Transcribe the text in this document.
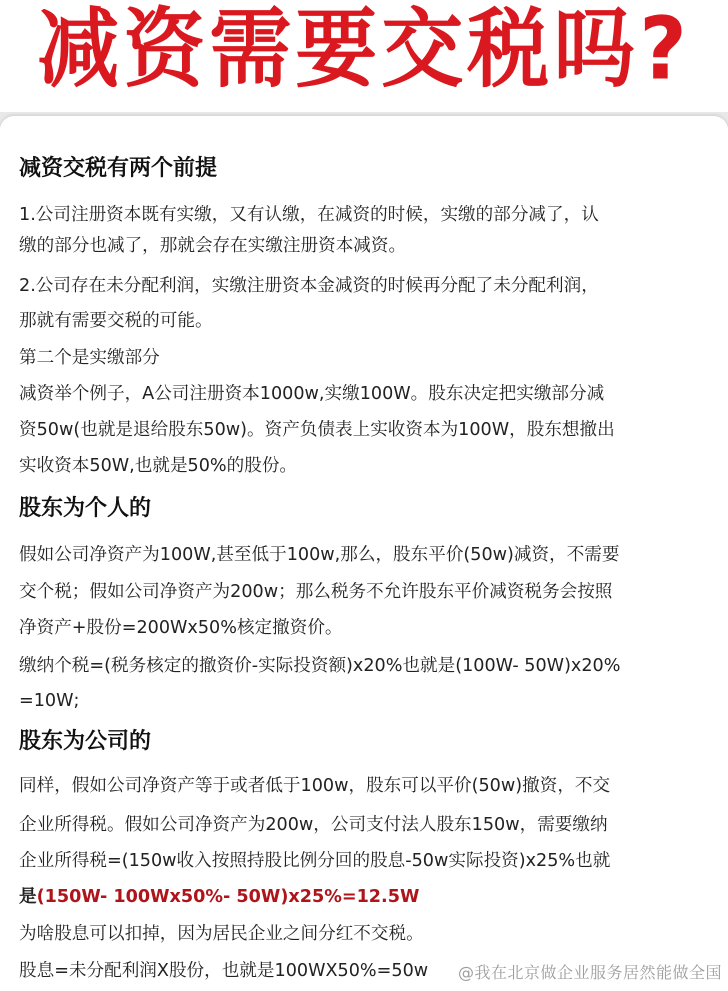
减资需要交税吗?
减资交税有两个前提
1.公司注册资本既有实缴，又有认缴，在减资的时候，实缴的部分减了，认
缴的部分也减了，那就会存在实缴注册资本减资。
2.公司存在未分配利润，实缴注册资本金减资的时候再分配了未分配利润，
那就有需要交税的可能。
第二个是实缴部分
减资举个例子，A公司注册资本1000w,实缴100W。股东决定把实缴部分减
资50w(也就是退给股东50w)。资产负债表上实收资本为100W，股东想撤出
实收资本50W,也就是50%的股份。
股东为个人的
假如公司净资产为100W,甚至低于100w,那么，股东平价(50w)减资，不需要
交个税；假如公司净资产为200w；那么税务不允许股东平价减资税务会按照
净资产+股份=200Wx50%核定撤资价。
缴纳个税=(税务核定的撤资价-实际投资额)x20%也就是(100W- 50W)x20%
=10W;
股东为公司的
同样，假如公司净资产等于或者低于100w，股东可以平价(50w)撤资，不交
企业所得税。假如公司净资产为200w，公司支付法人股东150w，需要缴纳
企业所得税=(150w收入按照持股比例分回的股息-50w实际投资)x25%也就
是(150W- 100Wx50%- 50W)x25%=12.5W
为啥股息可以扣掉，因为居民企业之间分红不交税。
股息=未分配利润X股份，也就是100WX50%=50w @我在北京做企业服务居然能做全国
